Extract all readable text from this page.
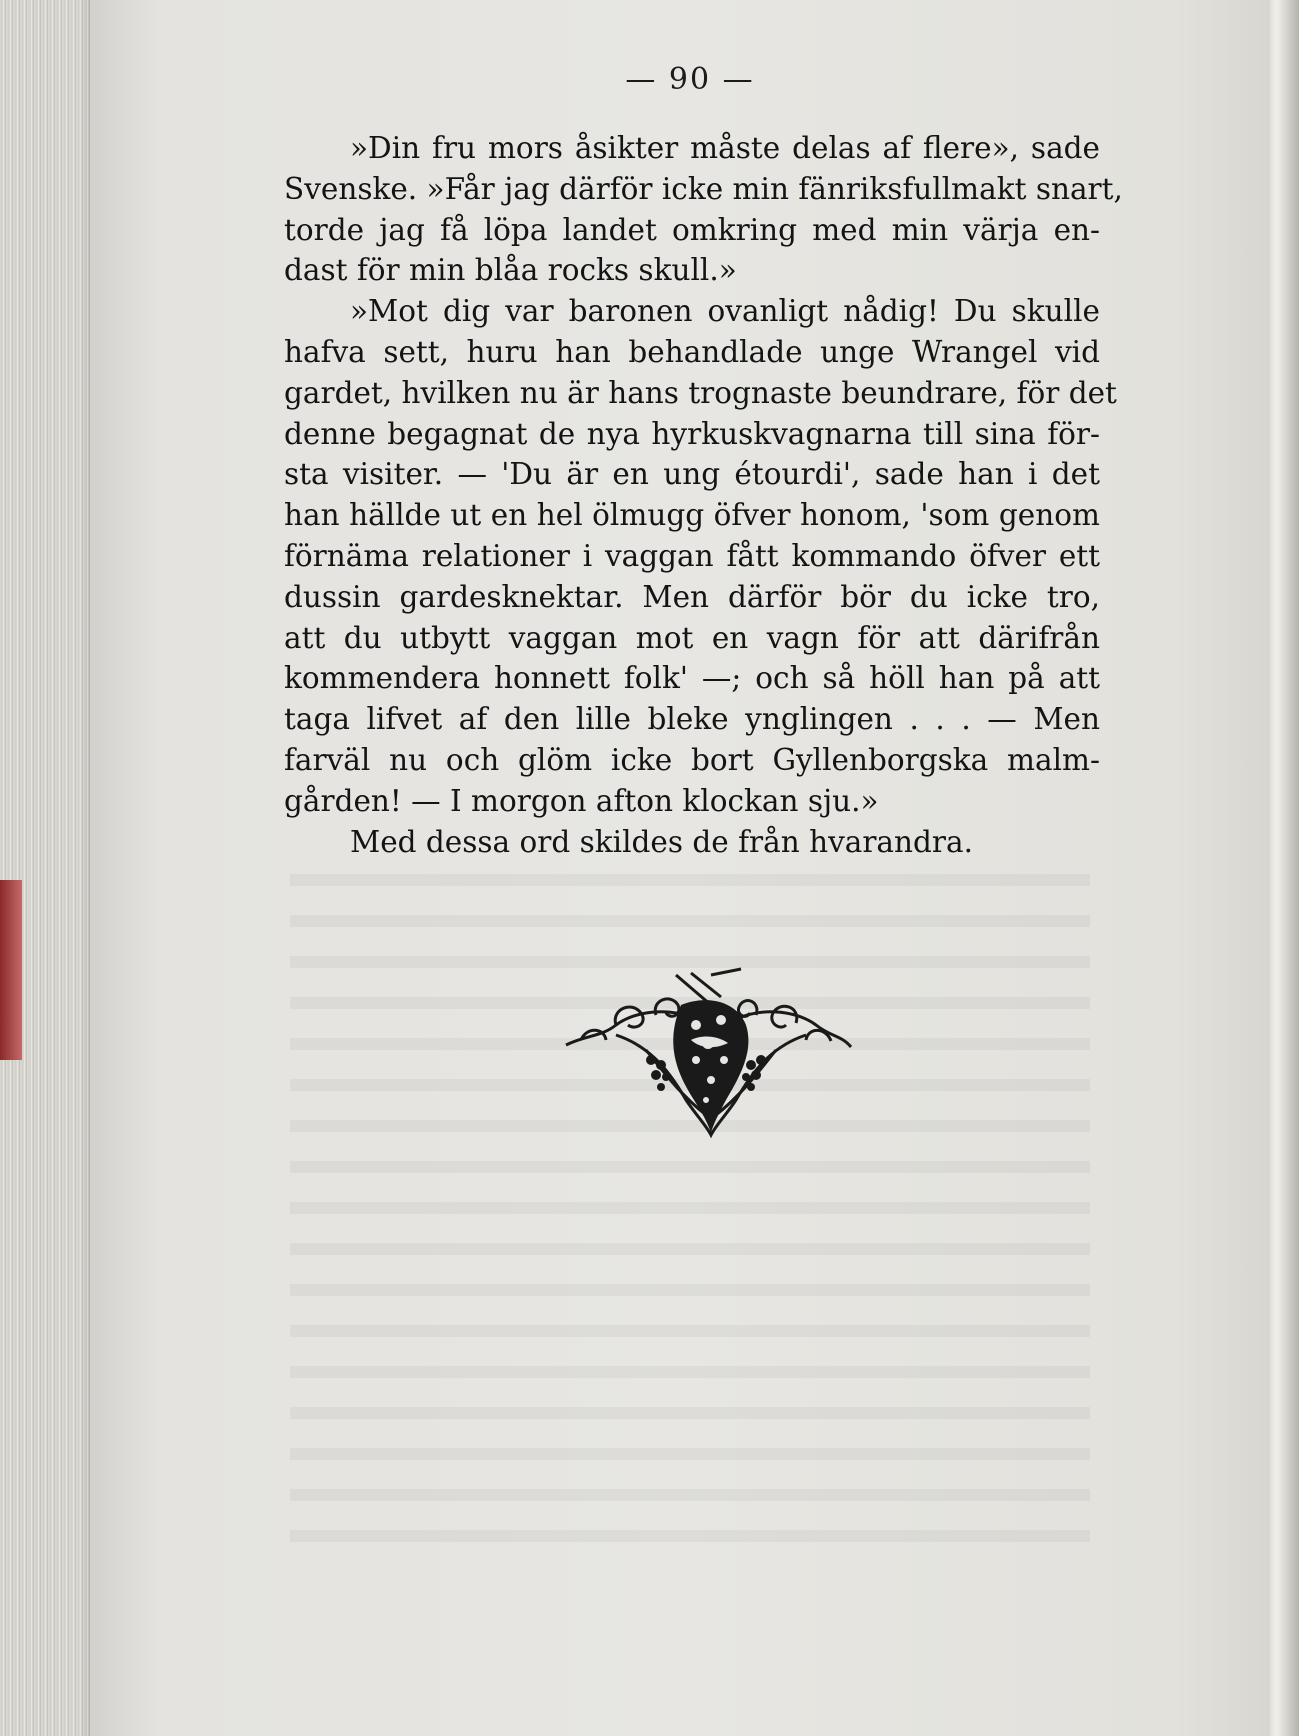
— 90 —
»Din fru mors åsikter måste delas af flere», sade
Svenske. »Får jag därför icke min fänriksfullmakt snart,
torde jag få löpa landet omkring med min värja en-
dast för min blåa rocks skull.»
»Mot dig var baronen ovanligt nådig! Du skulle
hafva sett, huru han behandlade unge Wrangel vid
gardet, hvilken nu är hans trognaste beundrare, för det
denne begagnat de nya hyrkuskvagnarna till sina för-
sta visiter. — 'Du är en ung étourdi', sade han i det
han hällde ut en hel ölmugg öfver honom, 'som genom
förnäma relationer i vaggan fått kommando öfver ett
dussin gardesknektar. Men därför bör du icke tro,
att du utbytt vaggan mot en vagn för att därifrån
kommendera honnett folk' —; och så höll han på att
taga lifvet af den lille bleke ynglingen . . . — Men
farväl nu och glöm icke bort Gyllenborgska malm-
gården! — I morgon afton klockan sju.»
Med dessa ord skildes de från hvarandra.
